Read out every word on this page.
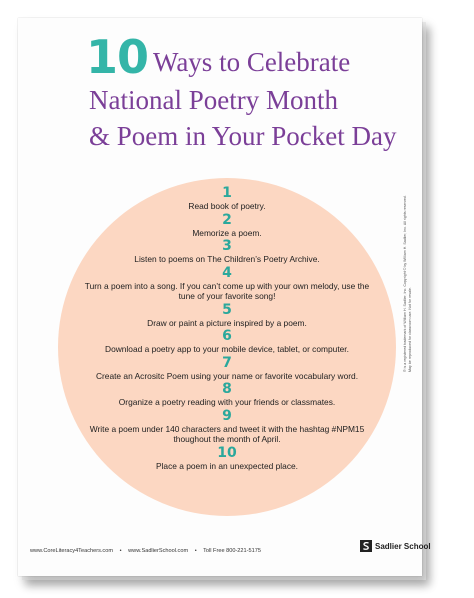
10 Ways to Celebrate
National Poetry Month
& Poem in Your Pocket Day
1
Read book of poetry.
2
Memorize a poem.
3
Listen to poems on The Children’s Poetry Archive.
4
Turn a poem into a song. If you can’t come up with your own melody, use the tune of your favorite song!
5
Draw or paint a picture inspired by a poem.
6
Download a poetry app to your mobile device, tablet, or computer.
7
Create an Acrositc Poem using your name or favorite vocabulary word.
8
Organize a poetry reading with your friends or classmates.
9
Write a poem under 140 characters and tweet it with the hashtag #NPM15 thoughout the month of April.
10
Place a poem in an unexpected place.
® is a registered trademark of William H. Sadlier, Inc. Copyright © by William H. Sadlier, Inc. All rights reserved. May be reproduced for classroom use. Not for resale.
www.CoreLiteracy4Teachers.com • www.SadlierSchool.com • Toll Free 800-221-5175
Sadlier School
